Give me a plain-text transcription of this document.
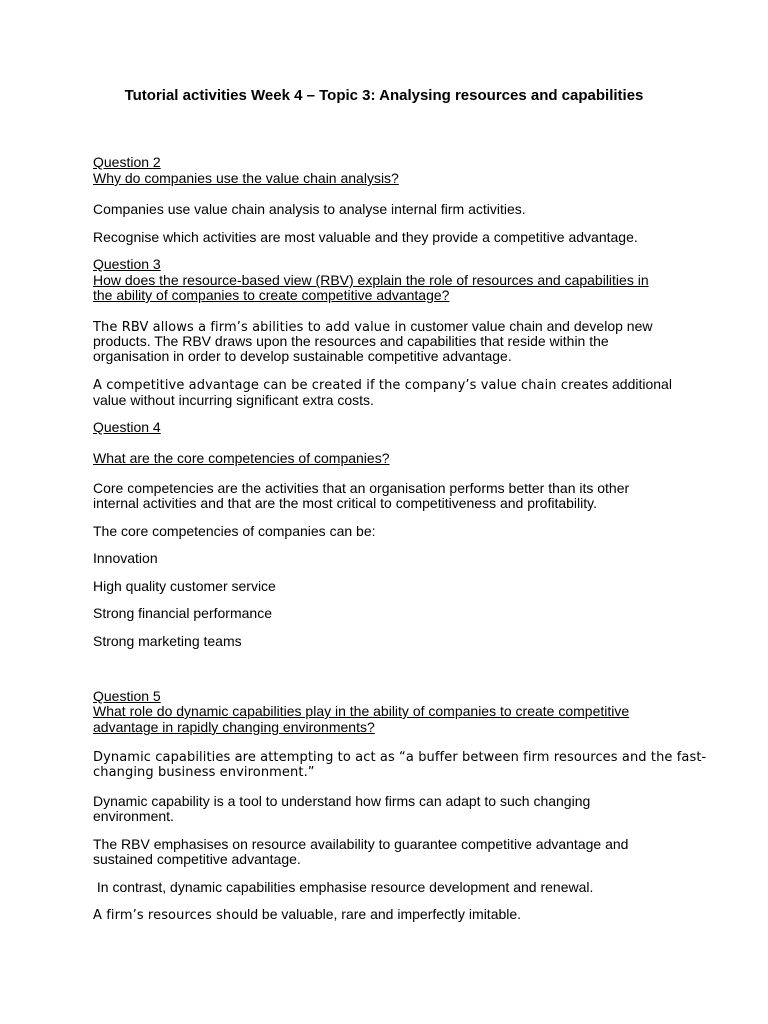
Tutorial activities Week 4 – Topic 3: Analysing resources and capabilities
Question 2
Why do companies use the value chain analysis?
Companies use value chain analysis to analyse internal firm activities.
Recognise which activities are most valuable and they provide a competitive advantage.
Question 3
How does the resource-based view (RBV) explain the role of resources and capabilities in
the ability of companies to create competitive advantage?
The RBV allows a firm’s abilities to add value in customer value chain and develop new
products. The RBV draws upon the resources and capabilities that reside within the
organisation in order to develop sustainable competitive advantage.
A competitive advantage can be created if the company’s value chain creates additional
value without incurring significant extra costs.
Question 4
What are the core competencies of companies?
Core competencies are the activities that an organisation performs better than its other
internal activities and that are the most critical to competitiveness and profitability.
The core competencies of companies can be:
Innovation
High quality customer service
Strong financial performance
Strong marketing teams
Question 5
What role do dynamic capabilities play in the ability of companies to create competitive
advantage in rapidly changing environments?
Dynamic capabilities are attempting to act as “a buffer between firm resources and the fast-
changing business environment.”
Dynamic capability is a tool to understand how firms can adapt to such changing
environment.
The RBV emphasises on resource availability to guarantee competitive advantage and
sustained competitive advantage.
In contrast, dynamic capabilities emphasise resource development and renewal.
A firm’s resources should be valuable, rare and imperfectly imitable.
